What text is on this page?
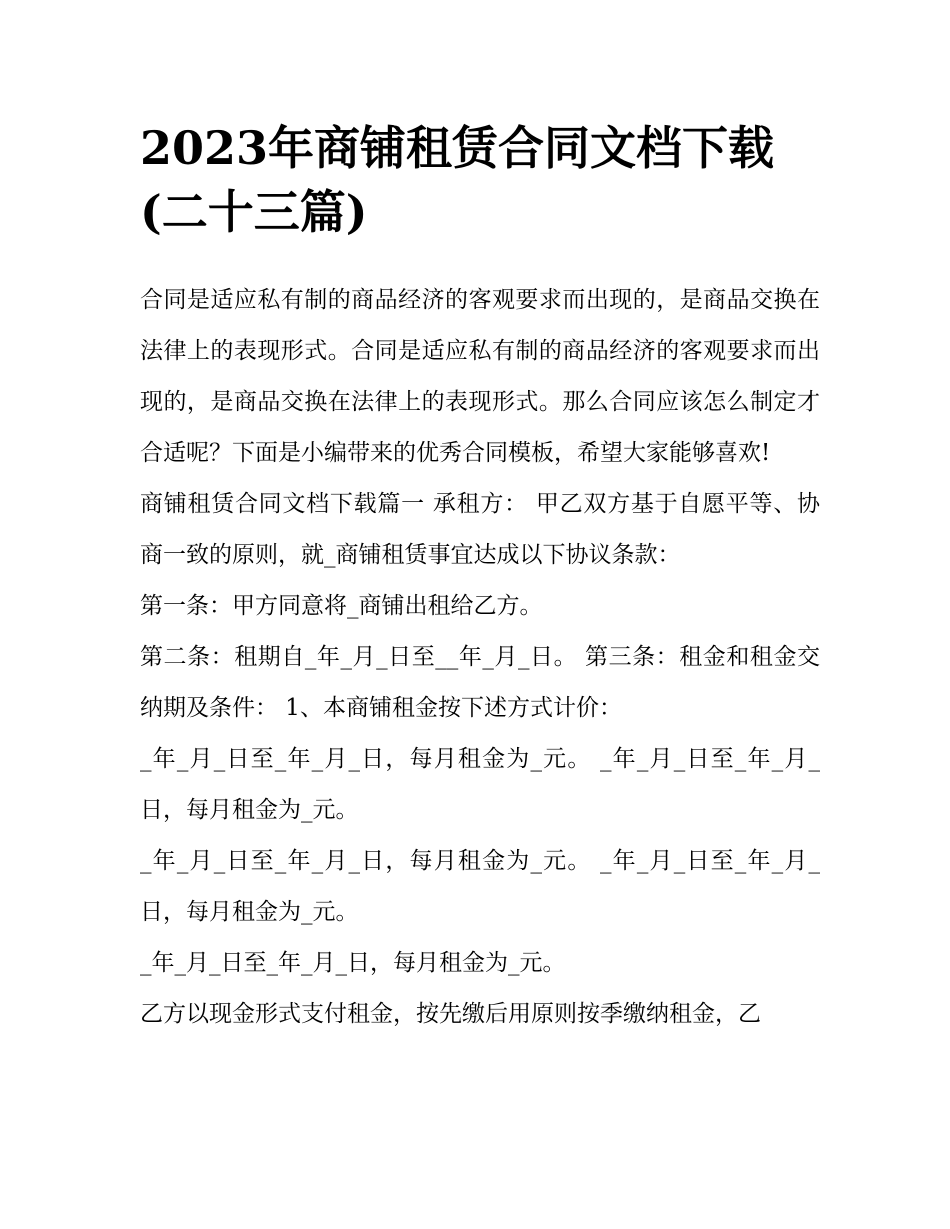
2023年商铺租赁合同文档下载(二十三篇)

合同是适应私有制的商品经济的客观要求而出现的，是商品交换在法律上的表现形式。合同是适应私有制的商品经济的客观要求而出现的，是商品交换在法律上的表现形式。那么合同应该怎么制定才合适呢？下面是小编带来的优秀合同模板，希望大家能够喜欢!

商铺租赁合同文档下载篇一 承租方： 甲乙双方基于自愿平等、协商一致的原则，就_商铺租赁事宜达成以下协议条款：

第一条：甲方同意将_商铺出租给乙方。

第二条：租期自_年_月_日至__年_月_日。 第三条：租金和租金交纳期及条件： 1、本商铺租金按下述方式计价：

_年_月_日至_年_月_日，每月租金为_元。 _年_月_日至_年_月_日，每月租金为_元。

_年_月_日至_年_月_日，每月租金为_元。 _年_月_日至_年_月_日，每月租金为_元。

_年_月_日至_年_月_日，每月租金为_元。

乙方以现金形式支付租金，按先缴后用原则按季缴纳租金，乙
